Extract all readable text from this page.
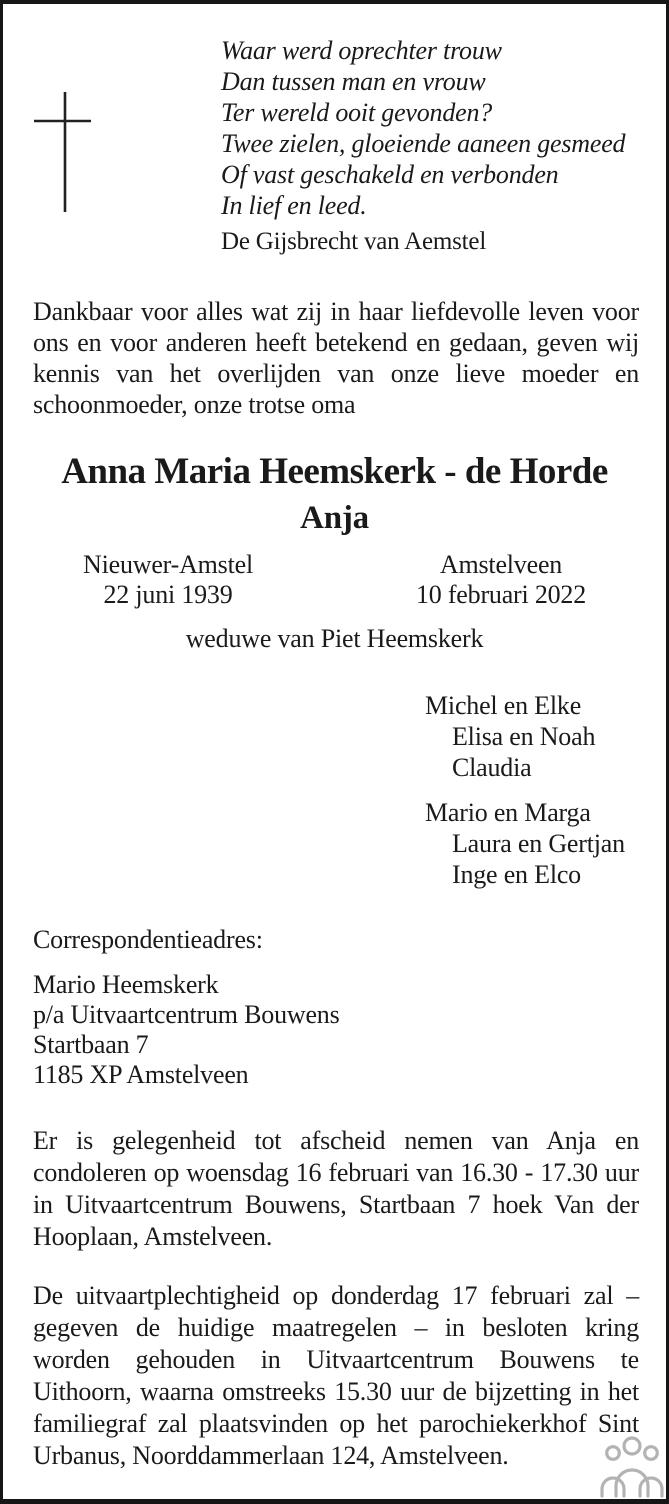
Waar werd oprechter trouw
Dan tussen man en vrouw
Ter wereld ooit gevonden?
Twee zielen, gloeiende aaneen gesmeed
Of vast geschakeld en verbonden
In lief en leed.
De Gijsbrecht van Aemstel
Dankbaar voor alles wat zij in haar liefdevolle leven voor ons en voor anderen heeft betekend en gedaan, geven wij kennis van het overlijden van onze lieve moeder en schoonmoeder, onze trotse oma
Anna Maria Heemskerk - de Horde
Anja
Nieuwer-Amstel
22 juni 1939
Amstelveen
10 februari 2022
weduwe van Piet Heemskerk
Michel en Elke
Elisa en Noah
Claudia
Mario en Marga
Laura en Gertjan
Inge en Elco
Correspondentieadres:
Mario Heemskerk
p/a Uitvaartcentrum Bouwens
Startbaan 7
1185 XP Amstelveen
Er is gelegenheid tot afscheid nemen van Anja en condoleren op woensdag 16 februari van 16.30 - 17.30 uur in Uitvaartcentrum Bouwens, Startbaan 7 hoek Van der Hooplaan, Amstelveen.
De uitvaartplechtigheid op donderdag 17 februari zal – gegeven de huidige maatregelen – in besloten kring worden gehouden in Uitvaartcentrum Bouwens te Uithoorn, waarna omstreeks 15.30 uur de bijzetting in het familiegraf zal plaatsvinden op het parochiekerkhof Sint Urbanus, Noorddammerlaan 124, Amstelveen.
